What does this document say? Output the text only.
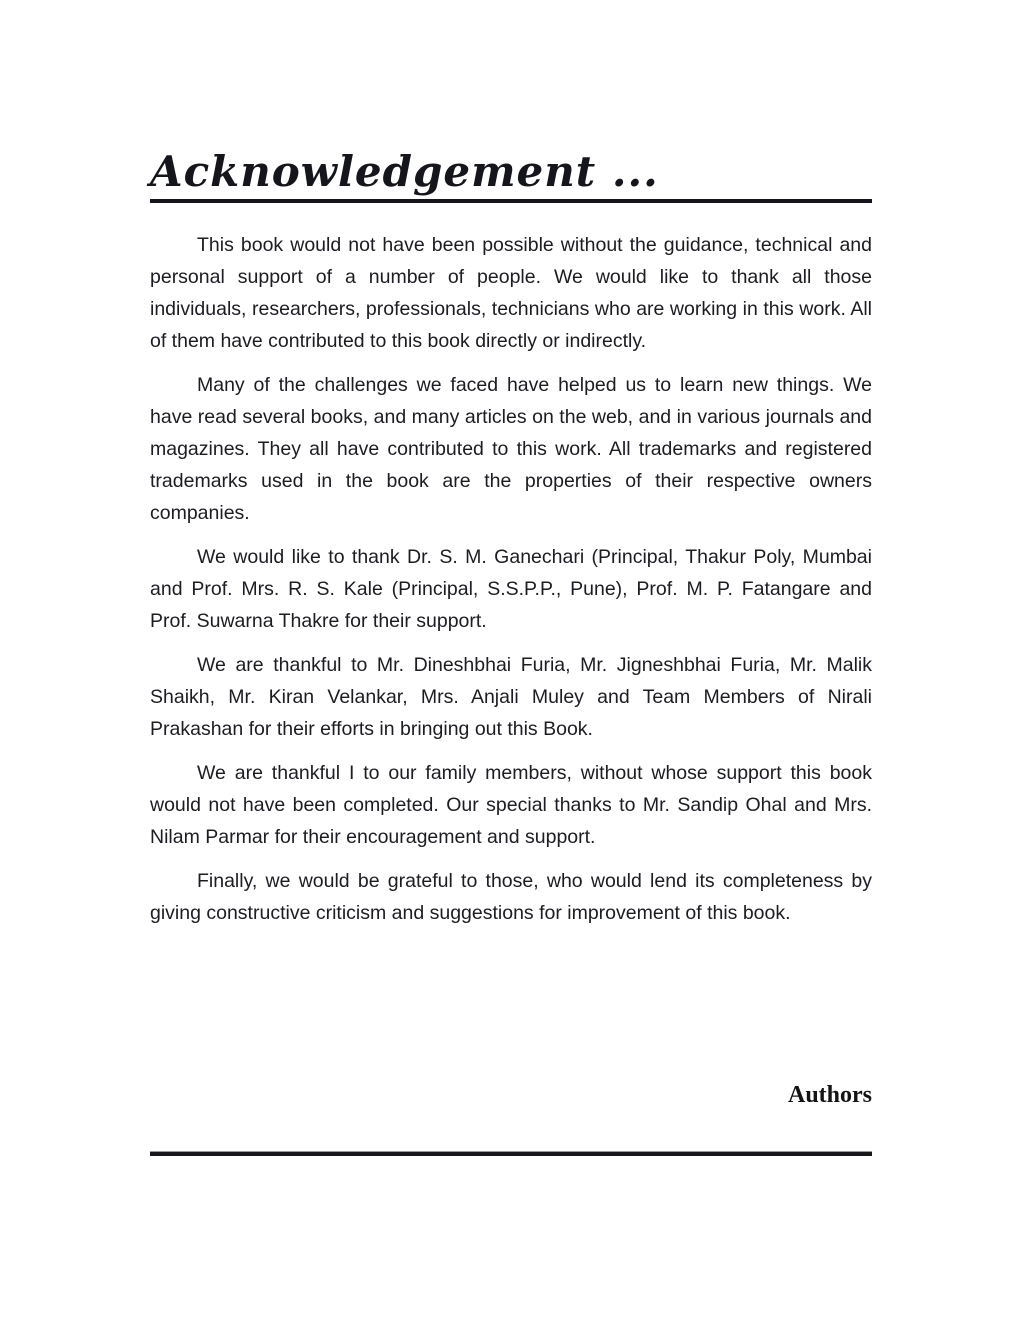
Acknowledgement ...

This book would not have been possible without the guidance, technical and personal support of a number of people. We would like to thank all those individuals, researchers, professionals, technicians who are working in this work. All of them have contributed to this book directly or indirectly.

Many of the challenges we faced have helped us to learn new things. We have read several books, and many articles on the web, and in various journals and magazines. They all have contributed to this work. All trademarks and registered trademarks used in the book are the properties of their respective owners companies.

We would like to thank Dr. S. M. Ganechari (Principal, Thakur Poly, Mumbai and Prof. Mrs. R. S. Kale (Principal, S.S.P.P., Pune), Prof. M. P. Fatangare and Prof. Suwarna Thakre for their support.

We are thankful to Mr. Dineshbhai Furia, Mr. Jigneshbhai Furia, Mr. Malik Shaikh, Mr. Kiran Velankar, Mrs. Anjali Muley and Team Members of Nirali Prakashan for their efforts in bringing out this Book.

We are thankful I to our family members, without whose support this book would not have been completed. Our special thanks to Mr. Sandip Ohal and Mrs. Nilam Parmar for their encouragement and support.

Finally, we would be grateful to those, who would lend its completeness by giving constructive criticism and suggestions for improvement of this book.

Authors
